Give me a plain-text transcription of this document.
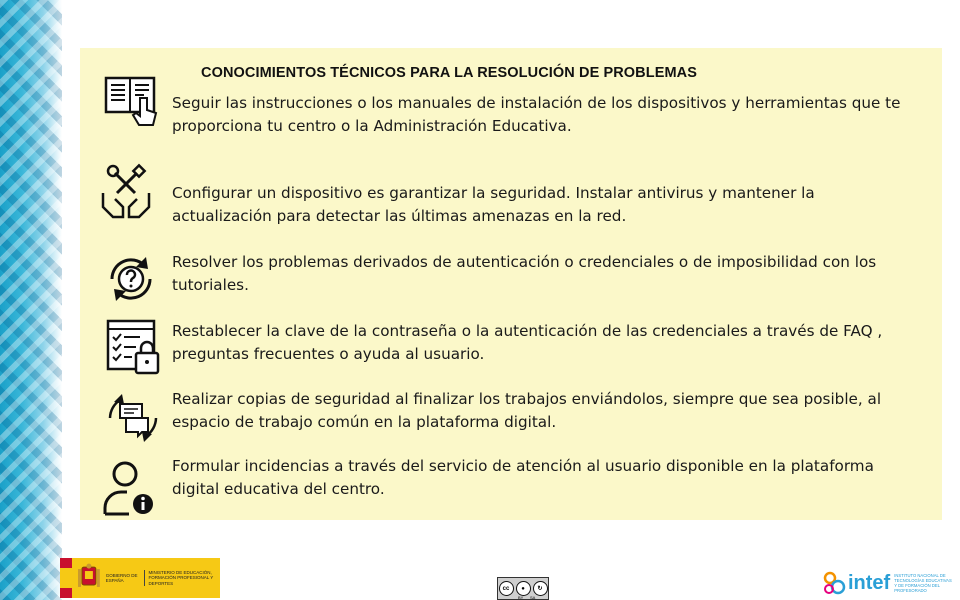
CONOCIMIENTOS TÉCNICOS PARA LA RESOLUCIÓN DE PROBLEMAS

Seguir las instrucciones o los manuales de instalación de los dispositivos y herramientas que te proporciona tu centro o la Administración Educativa.

Configurar un dispositivo es garantizar la seguridad. Instalar antivirus y mantener la actualización para detectar las últimas amenazas en la red.

Resolver los problemas derivados de autenticación o credenciales o de imposibilidad con los tutoriales.

Restablecer la clave de la contraseña o la autenticación de las credenciales a través de FAQ , preguntas frecuentes o ayuda al usuario.

Realizar copias de seguridad al finalizar los trabajos enviándolos, siempre que sea posible, al espacio de trabajo común en la plataforma digital.

Formular incidencias a través del servicio de atención al usuario disponible en la plataforma digital educativa del centro.

GOBIERNO DE ESPAÑA
MINISTERIO DE EDUCACIÓN, FORMACIÓN PROFESIONAL Y DEPORTES
cc	●	↻
BY SA
intef INSTITUTO NACIONAL DE TECNOLOGÍAS EDUCATIVAS Y DE FORMACIÓN DEL PROFESORADO
